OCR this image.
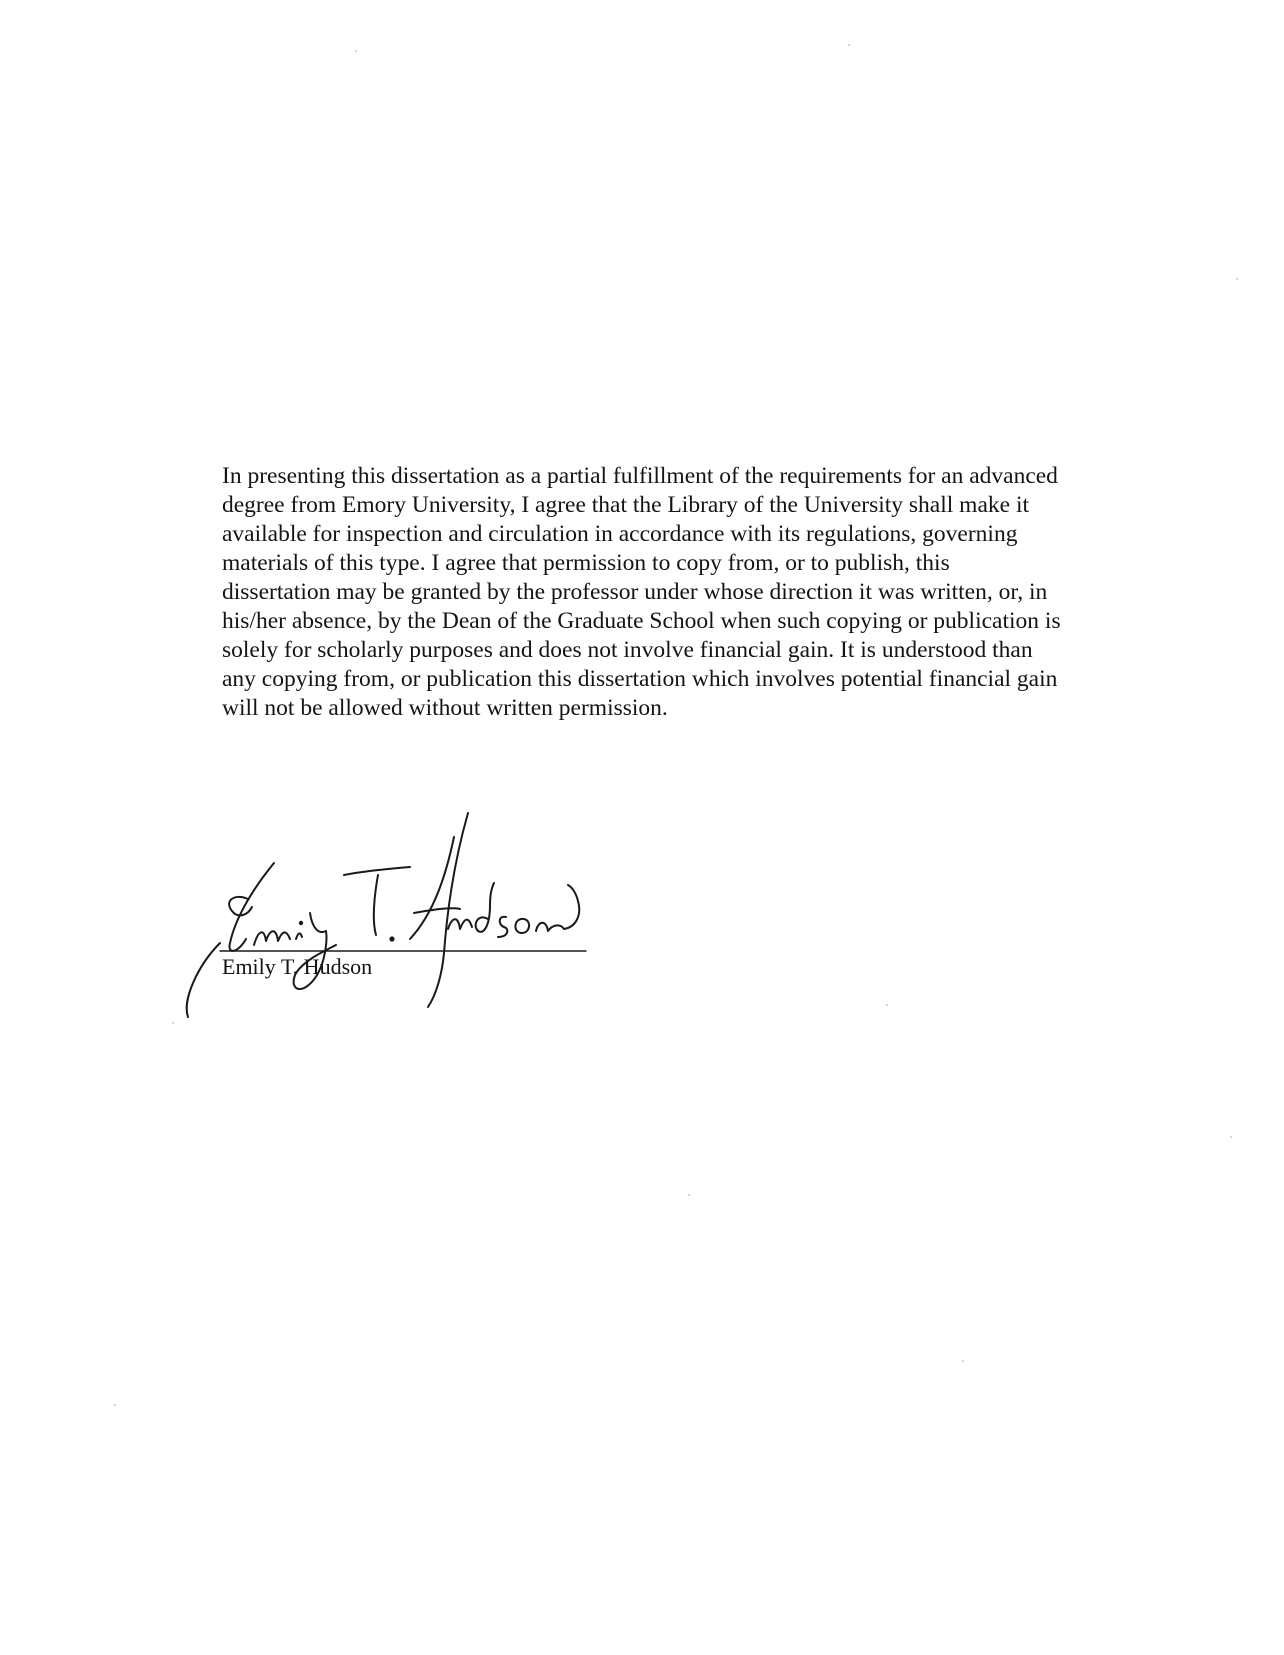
In presenting this dissertation as a partial fulfillment of the requirements for an advanced
degree from Emory University, I agree that the Library of the University shall make it
available for inspection and circulation in accordance with its regulations, governing
materials of this type. I agree that permission to copy from, or to publish, this
dissertation may be granted by the professor under whose direction it was written, or, in
his/her absence, by the Dean of the Graduate School when such copying or publication is
solely for scholarly purposes and does not involve financial gain. It is understood than
any copying from, or publication this dissertation which involves potential financial gain
will not be allowed without written permission.

Emily T. Hudson
